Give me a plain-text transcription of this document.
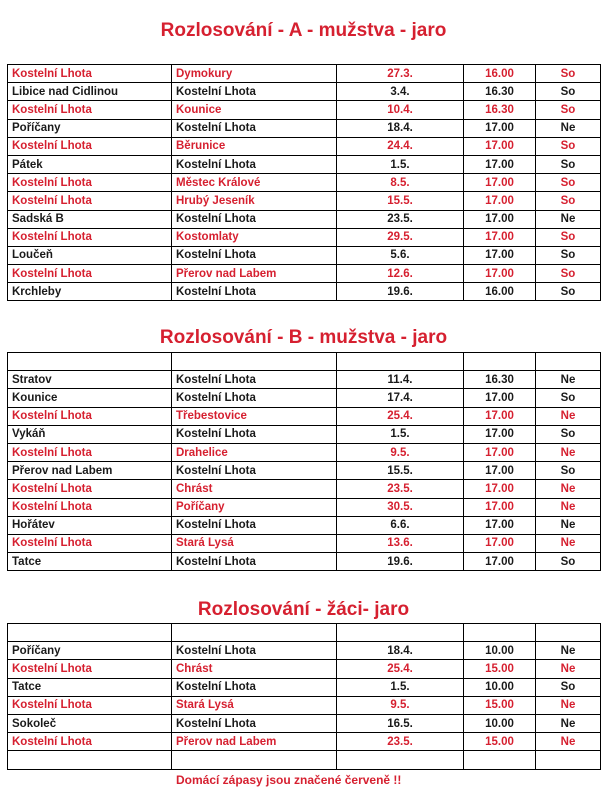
Rozlosování - A - mužstva - jaro
Kostelní Lhota	Dymokury	27.3.	16.00	So
Libice nad Cidlinou	Kostelní Lhota	3.4.	16.30	So
Kostelní Lhota	Kounice	10.4.	16.30	So
Poříčany	Kostelní Lhota	18.4.	17.00	Ne
Kostelní Lhota	Běrunice	24.4.	17.00	So
Pátek	Kostelní Lhota	1.5.	17.00	So
Kostelní Lhota	Městec Králové	8.5.	17.00	So
Kostelní Lhota	Hrubý Jeseník	15.5.	17.00	So
Sadská B	Kostelní Lhota	23.5.	17.00	Ne
Kostelní Lhota	Kostomlaty	29.5.	17.00	So
Loučeň	Kostelní Lhota	5.6.	17.00	So
Kostelní Lhota	Přerov nad Labem	12.6.	17.00	So
Krchleby	Kostelní Lhota	19.6.	16.00	So
Rozlosování - B - mužstva - jaro

Stratov	Kostelní Lhota	11.4.	16.30	Ne
Kounice	Kostelní Lhota	17.4.	17.00	So
Kostelní Lhota	Třebestovice	25.4.	17.00	Ne
Vykáň	Kostelní Lhota	1.5.	17.00	So
Kostelní Lhota	Drahelice	9.5.	17.00	Ne
Přerov nad Labem	Kostelní Lhota	15.5.	17.00	So
Kostelní Lhota	Chrást	23.5.	17.00	Ne
Kostelní Lhota	Poříčany	30.5.	17.00	Ne
Hořátev	Kostelní Lhota	6.6.	17.00	Ne
Kostelní Lhota	Stará Lysá	13.6.	17.00	Ne
Tatce	Kostelní Lhota	19.6.	17.00	So
Rozlosování - žáci- jaro

Poříčany	Kostelní Lhota	18.4.	10.00	Ne
Kostelní Lhota	Chrást	25.4.	15.00	Ne
Tatce	Kostelní Lhota	1.5.	10.00	So
Kostelní Lhota	Stará Lysá	9.5.	15.00	Ne
Sokoleč	Kostelní Lhota	16.5.	10.00	Ne
Kostelní Lhota	Přerov nad Labem	23.5.	15.00	Ne

Domácí zápasy jsou značené červeně !!
